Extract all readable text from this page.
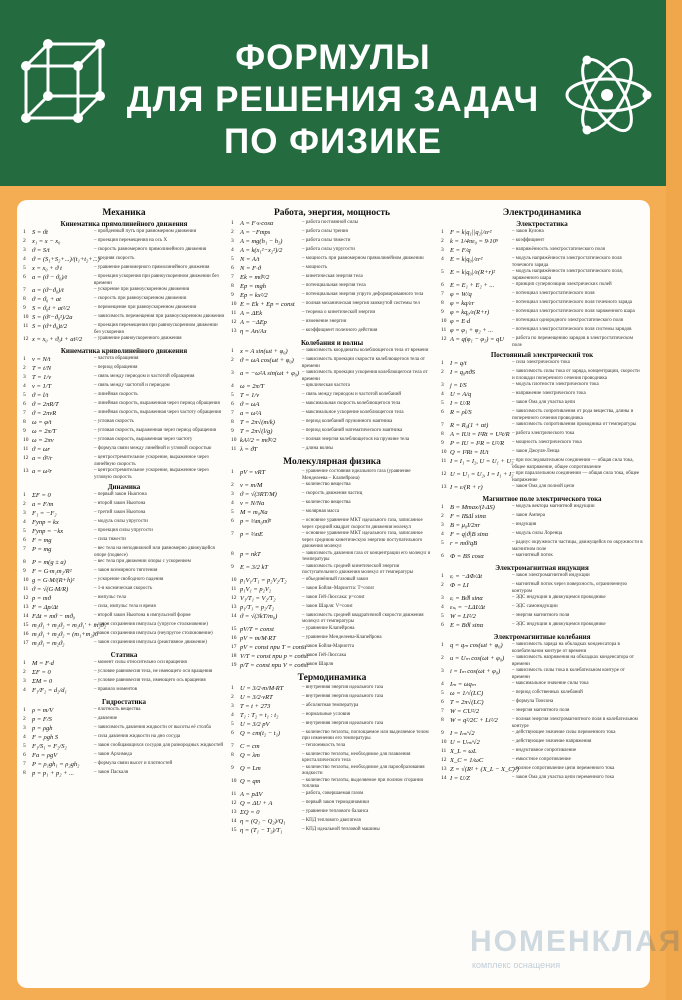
ФОРМУЛЫ
ДЛЯ РЕШЕНИЯ ЗАДАЧ
ПО ФИЗИКЕ
Механика
Кинематика прямолинейного движения
1 S = ϑt	– пройденный путь при равномерном движении
2 x₁ = x − x₀	– проекция перемещения на ось X
3 ϑ = S/t	– скорость равномерного прямолинейного движения
4 ϑ = (S₁+S₂+...)/(t₁+t₂+...)
– средняя скорость
5 x = x₀ + ϑ t	– уравнение равномерного прямолинейного движения
6 a = (ϑ − ϑ₀)/t	– проекция ускорения при равноускоренном движении без времени
7 a = (ϑ−ϑ₀)/t	– ускорение при равноускоренном движении
8 ϑ = ϑ₀ + at	– скорость при равноускоренном движении
9 S = ϑ₀t + at²/2	– перемещение при равноускоренном движении
10 S = (ϑ²−ϑ₀²)/2a	– зависимость перемещения при равноускоренном движении
11 S = (ϑ+ϑ₀)t/2	– проекция перемещения при равноускоренном движении без ускорения
12 x = x₀ + ϑ₀t + at²/2	– уравнение равноускоренного движения
Кинематика криволинейного движения
1 ν = N/t	– частота обращения
2 T = t/N	– период обращения
3 T = 1/ν	– связь между периодом и частотой обращения
4 ν = 1/T	– связь между частотой и периодом
5 ϑ = l/t	– линейная скорость
6 ϑ = 2πR/T	– линейная скорость, выраженная через период обращения
7 ϑ = 2πνR	– линейная скорость, выраженная через частоту обращения
8 ω = φ/t	– угловая скорость
9 ω = 2π/T	– угловая скорость, выраженная через период обращения
10 ω = 2πν	– угловая скорость, выраженная через частоту
11 ϑ = ωr	– формула связи между линейной и угловой скоростью
12 a = ϑ²/r	– центростремительное ускорение, выраженное через линейную скорость
13 a = ω²r	– центростремительное ускорение, выраженное через угловую скорость
Динамика
1 ΣF = 0	– первый закон Ньютона
2 a = F/m	– второй закон Ньютона
3 F₁ = −F₂	– третий закон Ньютона
4 Fупр = kx	– модуль силы упругости
5 Fупр = −kx	– проекция силы упругости
6 F = mg	– сила тяжести
7 P = mg	– вес тела на неподвижной или равномерно движущейся опоре (подвесе)
8 P = m(g ± a)	– вес тела при движении опоры с ускорением
9 F = G·m₁m₂/R²	– закон всемирного тяготения
10 g = G·M/(R+h)²	– ускорение свободного падения
11 ϑ = √(G·M/R)	– 1-я космическая скорость
12 p = mϑ	– импульс тела
13 F = Δp/Δt	– сила, импульс тела и время
14 FΔt = mϑ − mϑ₀	– второй закон Ньютона в импульсной форме
15 m₁ϑ₁ + m₂ϑ₂ = m₁ϑ₁' + m₂ϑ₂'
– закон сохранения импульса (упругое столкновение)
16 m₁ϑ₁ + m₂ϑ₂ = (m₁+m₂)ϑ
– закон сохранения импульса (неупругое столкновение)
17 m₁ϑ₁ = m₂ϑ₂	– закон сохранения импульса (реактивное движение)
Статика
1 M = F·d	– момент силы относительно оси вращения
2 ΣF = 0	– условие равновесия тела, не имеющего оси вращения
3 ΣM = 0	– условие равновесия тела, имеющего ось вращения
4 F₁/F₂ = d₂/d₁	– правило моментов
Гидростатика
1 ρ = m/V	– плотность вещества
2 p = F/S	– давление
3 p = ρgh	– зависимость давления жидкости от высоты её столба
4 F = ρgh S	– сила давления жидкости на дно сосуда
5 F₁/S₁ = F₂/S₂	– закон сообщающихся сосудов для разнородных жидкостей
6 Fa = ρgV	– закон Архимеда
7 P = ρ₁gh₁ = ρ₂gh₂	– формула связи высот и плотностей
8 p = p₁ + p₂ + ...	– закон Паскаля
Работа, энергия, мощность
1 A = F·s·cosα	– работа постоянной силы
2 A = −Fтрs	– работа силы трения
3 A = mg(h₁ − h₂)	– работа силы тяжести
4 A = k(x₁²−x₂²)/2	– работа силы упругости
5 N = A/t	– мощность при равномерном прямолинейном движении
6 N = F·ϑ	– мощность
7 Ek = mϑ²/2	– кинетическая энергия тела
8 Ep = mgh	– потенциальная энергия тела
9 Ep = kx²/2	– потенциальная энергия упруго деформированного тела
10 E = Ek + Ep = const	– полная механическая энергия замкнутой системы тел
11 A = ΔEk	– теорема о кинетической энергии
12 A = −ΔEp	– изменение энергии
13 η = Aп/Aз	– коэффициент полезного действия
Колебания и волны
1 x = A sin(ωt + φ₀)	– зависимость координаты колеблющегося тела от времени
2 ϑ = ωA cos(ωt + φ₀)	– зависимость проекции скорости колеблющегося тела от времени
3 a = −ω²A sin(ωt + φ₀) – зависимость проекции ускорения колеблющегося тела от времени
4 ω = 2π/T	– циклическая частота
5 T = 1/ν	– связь между периодом и частотой колебаний
6 ϑ = ωA	– максимальная скорость колеблющегося тела
7 a = ω²A	– максимальное ускорение колеблющегося тела
8 T = 2π√(m/k)	– период колебаний пружинного маятника
9 T = 2π√(l/g)	– период колебаний математического маятника
10 kA²/2 = mϑ²/2	– полная энергия колеблющегося на пружине тела
11 λ = ϑT	– длина волны
Молекулярная физика
1 pV = νRT	– уравнение состояния идеального газа (уравнение Менделеева – Клапейрона)
2 ν = m/M	– количество вещества
3 ϑ = √(3RT/M)	– скорость движения частиц
4 ν = N/Na	– количество вещества
5 M = m₀Na	– молярная масса
6 p = ⅓m₀nϑ²	– основное уравнение МКТ идеального газа, записанное через средний квадрат скорости движения молекул
7 p = ⅔nE	– основное уравнение МКТ идеального газа, записанное через среднюю кинетическую энергию поступательного движения молекул
8 p = nkT	– зависимость давления газа от концентрации его молекул и температуры
9 E = 3/2 kT	– зависимость средней кинетической энергии поступательного движения молекул от температуры
10 p₁V₁/T₁ = p₂V₂/T₂	– объединённый газовый закон
11 p₁V₁ = p₂V₂	– закон Бойля–Мариотта: T=const
12 V₁/T₁ = V₂/T₂	– закон Гей-Люссака: p=const
13 p₁/T₁ = p₂/T₂	– закон Шарля: V=const
14 ϑ = √(3kT/m₀)	– зависимость средней квадратичной скорости движения молекул от температуры
15 pV/T = const	– уравнение Клапейрона
16 pV = m/M·RT	– уравнение Менделеева-Клапейрона
17 pV = const при T = const
– закон Бойля-Мариотта
18 V/T = const при p = const
– закон Гей-Люссака
19 p/T = const при V = const
– закон Шарля
Термодинамика
1 U = 3/2·m/M·RT	– внутренняя энергия идеального газа
2 U = 3/2·νRT	– внутренняя энергия идеального газа
3 T = t + 273	– абсолютная температура
4 T₁ : T₂ = t₁ : t₂	– нормальные условия
5 U = 3/2 pV	– внутренняя энергия идеального газа
6 Q = cm(t₂ − t₁)	– количество теплоты, поглощаемое или выделяемое телом при изменении его температуры
7 C = cm	– теплоемкость тела
8 Q = λm	– количество теплоты, необходимое для плавления кристаллического тела
9 Q = Lm	– количество теплоты, необходимое для парообразования жидкости
10 Q = qm	– количество теплоты, выделяемое при полном сгорании топлива
11 A = pΔV	– работа, совершаемая газом
12 Q = ΔU + A	– первый закон термодинамики
13 ΣQ = 0	– уравнение теплового баланса
14 η = (Q₁ − Q₂)/Q₁	– КПД теплового двигателя
15 η = (T₁ − T₂)/T₁	– КПД идеальной тепловой машины
Электродинамика
Электростатика
1 F = k|q₁||q₂|/εr²	– закон Кулона
2 k = 1/4πε₀ = 9·10⁹	– коэффициент
3 E = F/q	– напряжённость электростатического поля
4 E = k|q₀|/εr²	– модуль напряжённости электростатического поля точечного заряда
5 E = k|q₀|/ε(R+r)²	– модуль напряжённости электростатического поля, заряженного шара
6 E = E₁ + E₂ + ...	– принцип суперпозиции электрических полей
7 φ = W/q	– потенциал электростатического поля
8 φ = kq/εr	– потенциал электростатического поля точечного заряда
9 φ = kq₀/ε(R+r)	– потенциал электростатического поля заряженного шара
10 φ = E·d	– потенциал однородного электростатического поля
11 φ = φ₁ + φ₂ + ...	– потенциал электростатического поля системы зарядов
12 A = q(φ₁ − φ₂) = qU	– работа по перемещению зарядов в электростатическом поле
Постоянный электрический ток
1 I = q/t	– сила электрического тока
2 I = q₀nϑS	– зависимость силы тока от заряда, концентрации, скорости и площади поперечного сечения проводника
3 j = I/S	– модуль плотности электрического тока
4 U = A/q	– напряжение электрического тока
5 I = U/R	– закон Ома для участка цепи
6 R = ρl/S	– зависимость сопротивления от рода вещества, длины и поперечного сечения проводника
7 R = R₀(1 + αt)	– зависимость сопротивления проводника от температуры
8 A = IUt = I²Rt = U²t/R – работа электрического тока
9 P = IU = I²R = U²/R	– мощность электрического тока
10 Q = I²Rt = IUt	– закон Джоуля-Ленца
11 I = I₁ = I₂, U = U₁ + U₂
– при последовательном соединении — общая сила тока, общее напряжение, общее сопротивление
12 U = U₁ = U₂, I = I₁ + I₂
– при параллельном соединении — общая сила тока, общее напряжение
13 I = ε/(R + r)	– закон Ома для полной цепи
Магнитное поле электрического тока
1 B = Mmax/(I·ΔS)	– модуль вектора магнитной индукции
2 F = IBΔl sinα	– закон Ампера
3 B = μ₀I/2πr	– индукция
4 F = q|ϑ|B sinα	– модуль силы Лоренца
5 r = mϑ/qB	– радиус окружности частицы, движущейся по окружности в магнитном поле
6 Ф = BS cosα	– магнитный поток
Электромагнитная индукция
1 εᵢ = −ΔФ/Δt	– закон электромагнитной индукции
2 Ф = LI	– магнитный поток через поверхность, ограниченную контуром
3 εᵢ = Bϑl sinα	– ЭДС индукции в движущемся проводнике
4 εₛᵢ = −LΔI/Δt	– ЭДС самоиндукции
5 W = LI²/2	– энергия магнитного поля
6 E = Bϑl sinα	– ЭДС индукции в движущемся проводнике
Электромагнитные колебания
1 q = qₘ cos(ωt + φ₀)	– зависимость заряда на обкладках конденсатора в колебательном контуре от времени
2 u = Uₘ cos(ωt + φ₀)	– зависимость напряжения на обкладках конденсатора от времени
3 i = Iₘ cos(ωt + φ₀)	– зависимость силы тока в колебательном контуре от времени
4 Iₘ = ωqₘ	– максимальное значение силы тока
5 ω = 1/√(LC)	– период собственных колебаний
6 T = 2π√(LC)	– формула Томсона
7 W = CU²/2	– энергия магнитного поля
8 W = q²/2C + Li²/2	– полная энергия электромагнитного поля в колебательном контуре
9 I = Iₘ/√2	– действующее значение силы переменного тока
10 U = Uₘ/√2	– действующее значение напряжения
11 X_L = ωL	– индуктивное сопротивление
12 X_C = 1/ωC	– емкостное сопротивление
13 Z = √(R² + (X_L − X_C)²)
– полное сопротивление цепи переменного тока
14 I = U/Z	– закон Ома для участка цепи переменного тока
НОМЕНКЛАЯ
комплекс оснащения
